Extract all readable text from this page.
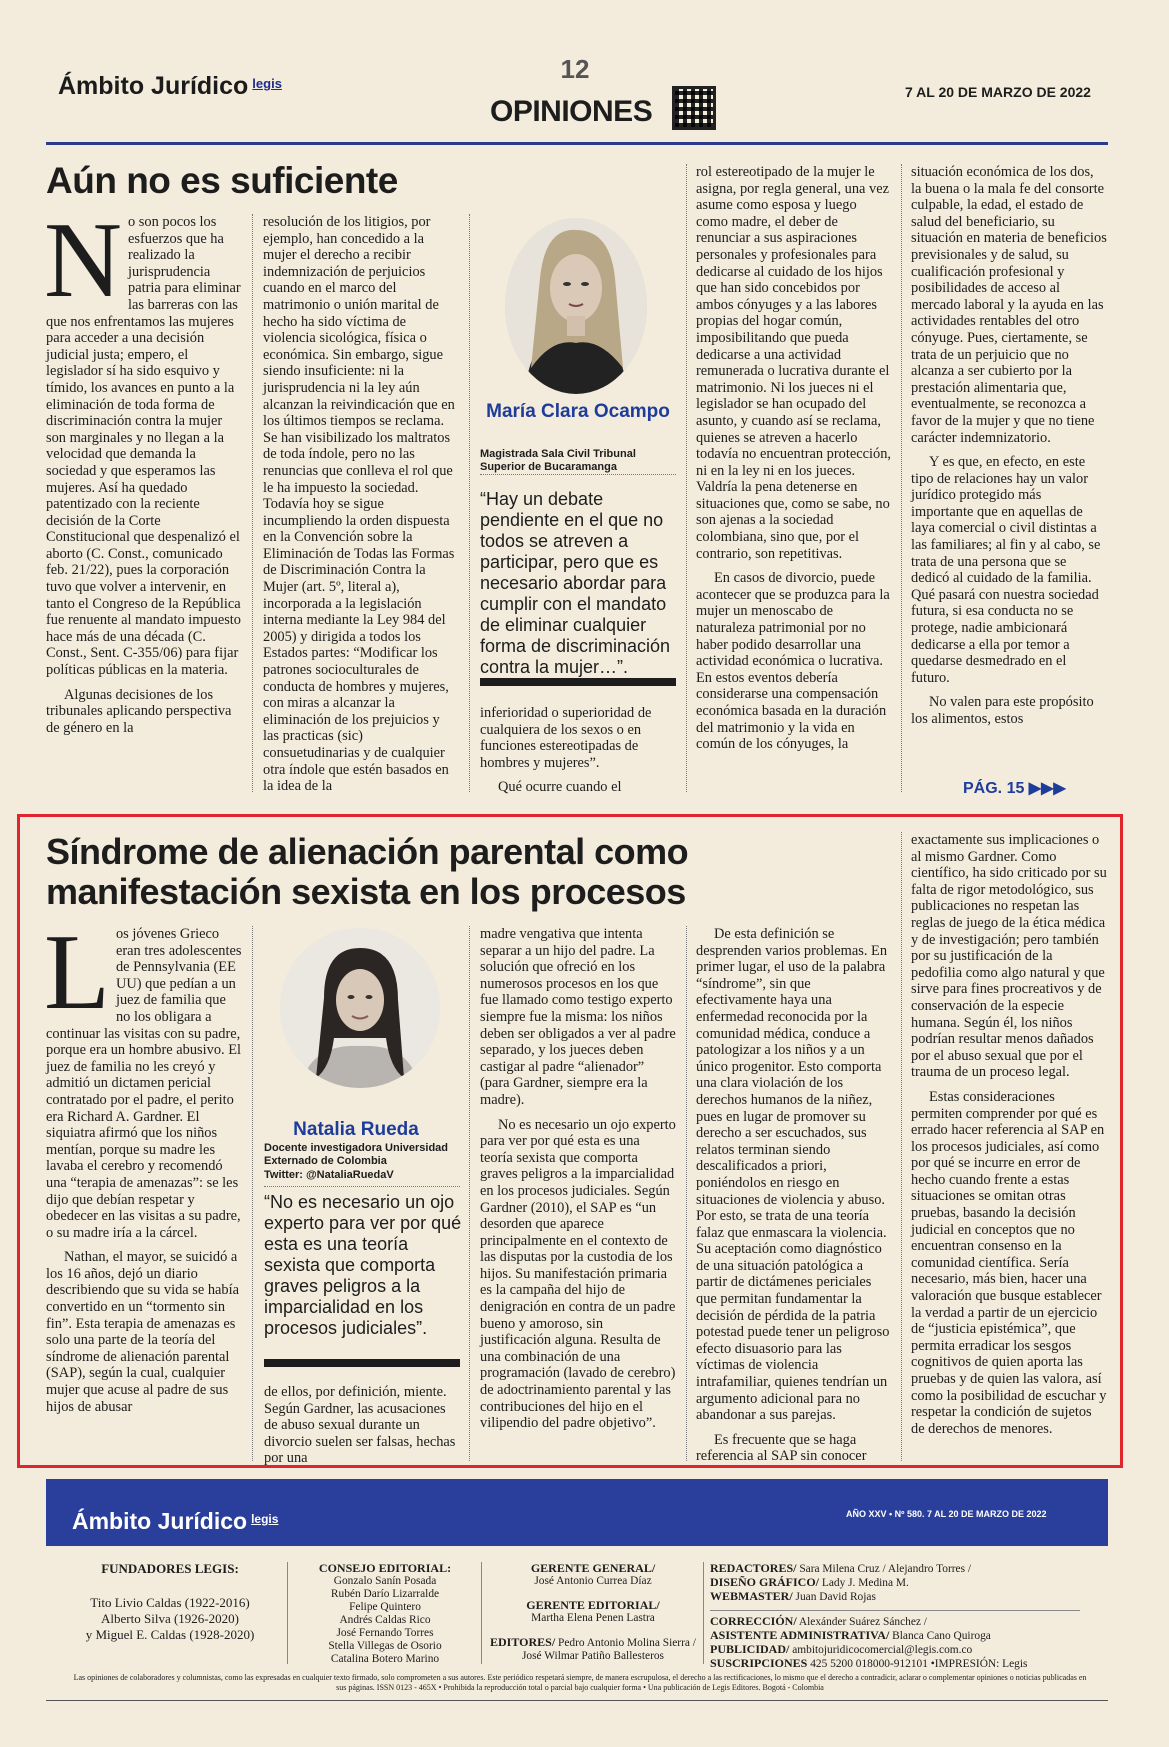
Ámbito Jurídico $^{legis}$	12
OPINIONES
7 AL 20 DE MARZO DE 2022
Aún no es suficiente
N o son pocos los esfuerzos que ha realizado la jurisprudencia patria para eliminar las barreras con las que nos enfrentamos las mujeres para acceder a una decisión judicial justa; empero, el legislador sí ha sido esquivo y tímido, los avances en punto a la eliminación de toda forma de discriminación contra la mujer son marginales y no llegan a la velocidad que demanda la sociedad y que esperamos las mujeres. Así ha quedado patentizado con la reciente decisión de la Corte Constitucional que despenalizó el aborto (C. Const., comunicado feb. 21/22), pues la corporación tuvo que volver a intervenir, en tanto el Congreso de la República fue renuente al mandato impuesto hace más de una década (C. Const., Sent. C-355/06) para fijar políticas públicas en la materia.

Algunas decisiones de los tribunales aplicando perspectiva de género en la

resolución de los litigios, por ejemplo, han concedido a la mujer el derecho a recibir indemnización de perjuicios cuando en el marco del matrimonio o unión marital de hecho ha sido víctima de violencia sicológica, física o económica. Sin embargo, sigue siendo insuficiente: ni la jurisprudencia ni la ley aún alcanzan la reivindicación que en los últimos tiempos se reclama. Se han visibilizado los maltratos de toda índole, pero no las renuncias que conlleva el rol que le ha impuesto la sociedad. Todavía hoy se sigue incumpliendo la orden dispuesta en la Convención sobre la Eliminación de Todas las Formas de Discriminación Contra la Mujer (art. 5º, literal a), incorporada a la legislación interna mediante la Ley 984 del 2005) y dirigida a todos los Estados partes: “Modificar los patrones socioculturales de conducta de hombres y mujeres, con miras a alcanzar la eliminación de los prejuicios y las practicas (sic) consuetudinarias y de cualquier otra índole que estén basados en la idea de la

María Clara Ocampo
Magistrada Sala Civil Tribunal Superior de Bucaramanga
“Hay un debate pendiente en el que no todos se atreven a participar, pero que es necesario abordar para cumplir con el mandato de eliminar cualquier forma de discriminación contra la mujer…”.

inferioridad o superioridad de cualquiera de los sexos o en funciones estereotipadas de hombres y mujeres”.

Qué ocurre cuando el

rol estereotipado de la mujer le asigna, por regla general, una vez asume como esposa y luego como madre, el deber de renunciar a sus aspiraciones personales y profesionales para dedicarse al cuidado de los hijos que han sido concebidos por ambos cónyuges y a las labores propias del hogar común, imposibilitando que pueda dedicarse a una actividad remunerada o lucrativa durante el matrimonio. Ni los jueces ni el legislador se han ocupado del asunto, y cuando así se reclama, quienes se atreven a hacerlo todavía no encuentran protección, ni en la ley ni en los jueces. Valdría la pena detenerse en situaciones que, como se sabe, no son ajenas a la sociedad colombiana, sino que, por el contrario, son repetitivas.

En casos de divorcio, puede acontecer que se produzca para la mujer un menoscabo de naturaleza patrimonial por no haber podido desarrollar una actividad económica o lucrativa. En estos eventos debería considerarse una compensación económica basada en la duración del matrimonio y la vida en común de los cónyuges, la

situación económica de los dos, la buena o la mala fe del consorte culpable, la edad, el estado de salud del beneficiario, su situación en materia de beneficios previsionales y de salud, su cualificación profesional y posibilidades de acceso al mercado laboral y la ayuda en las actividades rentables del otro cónyuge. Pues, ciertamente, se trata de un perjuicio que no alcanza a ser cubierto por la prestación alimentaria que, eventualmente, se reconozca a favor de la mujer y que no tiene carácter indemnizatorio.

Y es que, en efecto, en este tipo de relaciones hay un valor jurídico protegido más importante que en aquellas de laya comercial o civil distintas a las familiares; al fin y al cabo, se trata de una persona que se dedicó al cuidado de la familia. Qué pasará con nuestra sociedad futura, si esa conducta no se protege, nadie ambicionará dedicarse a ella por temor a quedarse desmedrado en el futuro.

No valen para este propósito los alimentos, estos

PÁG. 15 ▶▶▶
Síndrome de alienación parental como manifestación sexista en los procesos
L os jóvenes Grieco eran tres adolescentes de Pennsylvania (EE UU) que pedían a un juez de familia que no los obligara a continuar las visitas con su padre, porque era un hombre abusivo. El juez de familia no les creyó y admitió un dictamen pericial contratado por el padre, el perito era Richard A. Gardner. El siquiatra afirmó que los niños mentían, porque su madre les lavaba el cerebro y recomendó una “terapia de amenazas”: se les dijo que debían respetar y obedecer en las visitas a su padre, o su madre iría a la cárcel.

Nathan, el mayor, se suicidó a los 16 años, dejó un diario describiendo que su vida se había convertido en un “tormento sin fin”. Esta terapia de amenazas es solo una parte de la teoría del síndrome de alienación parental (SAP), según la cual, cualquier mujer que acuse al padre de sus hijos de abusar

Natalia Rueda
Docente investigadora Universidad Externado de Colombia
Twitter: @NataliaRuedaV
“No es necesario un ojo experto para ver por qué esta es una teoría sexista que comporta graves peligros a la imparcialidad en los procesos judiciales”.

de ellos, por definición, miente. Según Gardner, las acusaciones de abuso sexual durante un divorcio suelen ser falsas, hechas por una

madre vengativa que intenta separar a un hijo del padre. La solución que ofreció en los numerosos procesos en los que fue llamado como testigo experto siempre fue la misma: los niños deben ser obligados a ver al padre separado, y los jueces deben castigar al padre “alienador” (para Gardner, siempre era la madre).

No es necesario un ojo experto para ver por qué esta es una teoría sexista que comporta graves peligros a la imparcialidad en los procesos judiciales. Según Gardner (2010), el SAP es “un desorden que aparece principalmente en el contexto de las disputas por la custodia de los hijos. Su manifestación primaria es la campaña del hijo de denigración en contra de un padre bueno y amoroso, sin justificación alguna. Resulta de una combinación de una programación (lavado de cerebro) de adoctrinamiento parental y las contribuciones del hijo en el vilipendio del padre objetivo”.

De esta definición se desprenden varios problemas. En primer lugar, el uso de la palabra “síndrome”, sin que efectivamente haya una enfermedad reconocida por la comunidad médica, conduce a patologizar a los niños y a un único progenitor. Esto comporta una clara violación de los derechos humanos de la niñez, pues en lugar de promover su derecho a ser escuchados, sus relatos terminan siendo descalificados a priori, poniéndolos en riesgo en situaciones de violencia y abuso. Por esto, se trata de una teoría falaz que enmascara la violencia. Su aceptación como diagnóstico de una situación patológica a partir de dictámenes periciales que permitan fundamentar la decisión de pérdida de la patria potestad puede tener un peligroso efecto disuasorio para las víctimas de violencia intrafamiliar, quienes tendrían un argumento adicional para no abandonar a sus parejas.

Es frecuente que se haga referencia al SAP sin conocer

exactamente sus implicaciones o al mismo Gardner. Como científico, ha sido criticado por su falta de rigor metodológico, sus publicaciones no respetan las reglas de juego de la ética médica y de investigación; pero también por su justificación de la pedofilia como algo natural y que sirve para fines procreativos y de conservación de la especie humana. Según él, los niños podrían resultar menos dañados por el abuso sexual que por el trauma de un proceso legal.

Estas consideraciones permiten comprender por qué es errado hacer referencia al SAP en los procesos judiciales, así como por qué se incurre en error de hecho cuando frente a estas situaciones se omitan otras pruebas, basando la decisión judicial en conceptos que no encuentran consenso en la comunidad científica. Sería necesario, más bien, hacer una valoración que busque establecer la verdad a partir de un ejercicio de “justicia epistémica”, que permita erradicar los sesgos cognitivos de quien aporta las pruebas y de quien las valora, así como la posibilidad de escuchar y respetar la condición de sujetos de derechos de menores.

Ámbito Jurídico $^{legis}$	AÑO XXV • Nº 580. 7 AL 20 DE MARZO DE 2022
FUNDADORES LEGIS:
Tito Livio Caldas (1922-2016)
Alberto Silva (1926-2020)
y Miguel E. Caldas (1928-2020)
CONSEJO EDITORIAL:
Gonzalo Sanín Posada
Rubén Darío Lizarralde
Felipe Quintero
Andrés Caldas Rico
José Fernando Torres
Stella Villegas de Osorio
Catalina Botero Marino
GERENTE GENERAL/
José Antonio Currea Díaz
GERENTE EDITORIAL/
Martha Elena Penen Lastra
EDITORES/ Pedro Antonio Molina Sierra / José Wilmar Patiño Ballesteros
REDACTORES/ Sara Milena Cruz / Alejandro Torres /
DISEÑO GRÁFICO/ Lady J. Medina M.
WEBMASTER/ Juan David Rojas
CORRECCIÓN/ Alexánder Suárez Sánchez /
ASISTENTE ADMINISTRATIVA/ Blanca Cano Quiroga
PUBLICIDAD/ ambitojuridicocomercial@legis.com.co
SUSCRIPCIONES 425 5200 018000-912101 •IMPRESIÓN: Legis
Las opiniones de colaboradores y columnistas, como las expresadas en cualquier texto firmado, solo comprometen a sus autores. Este periódico respetará siempre, de manera escrupulosa, el derecho a las rectificaciones, lo mismo que el derecho a contradicir, aclarar o complementar opiniones o noticias publicadas en sus páginas. ISSN 0123 - 465X • Prohibida la reproducción total o parcial bajo cualquier forma • Una publicación de Legis Editores. Bogotá - Colombia
